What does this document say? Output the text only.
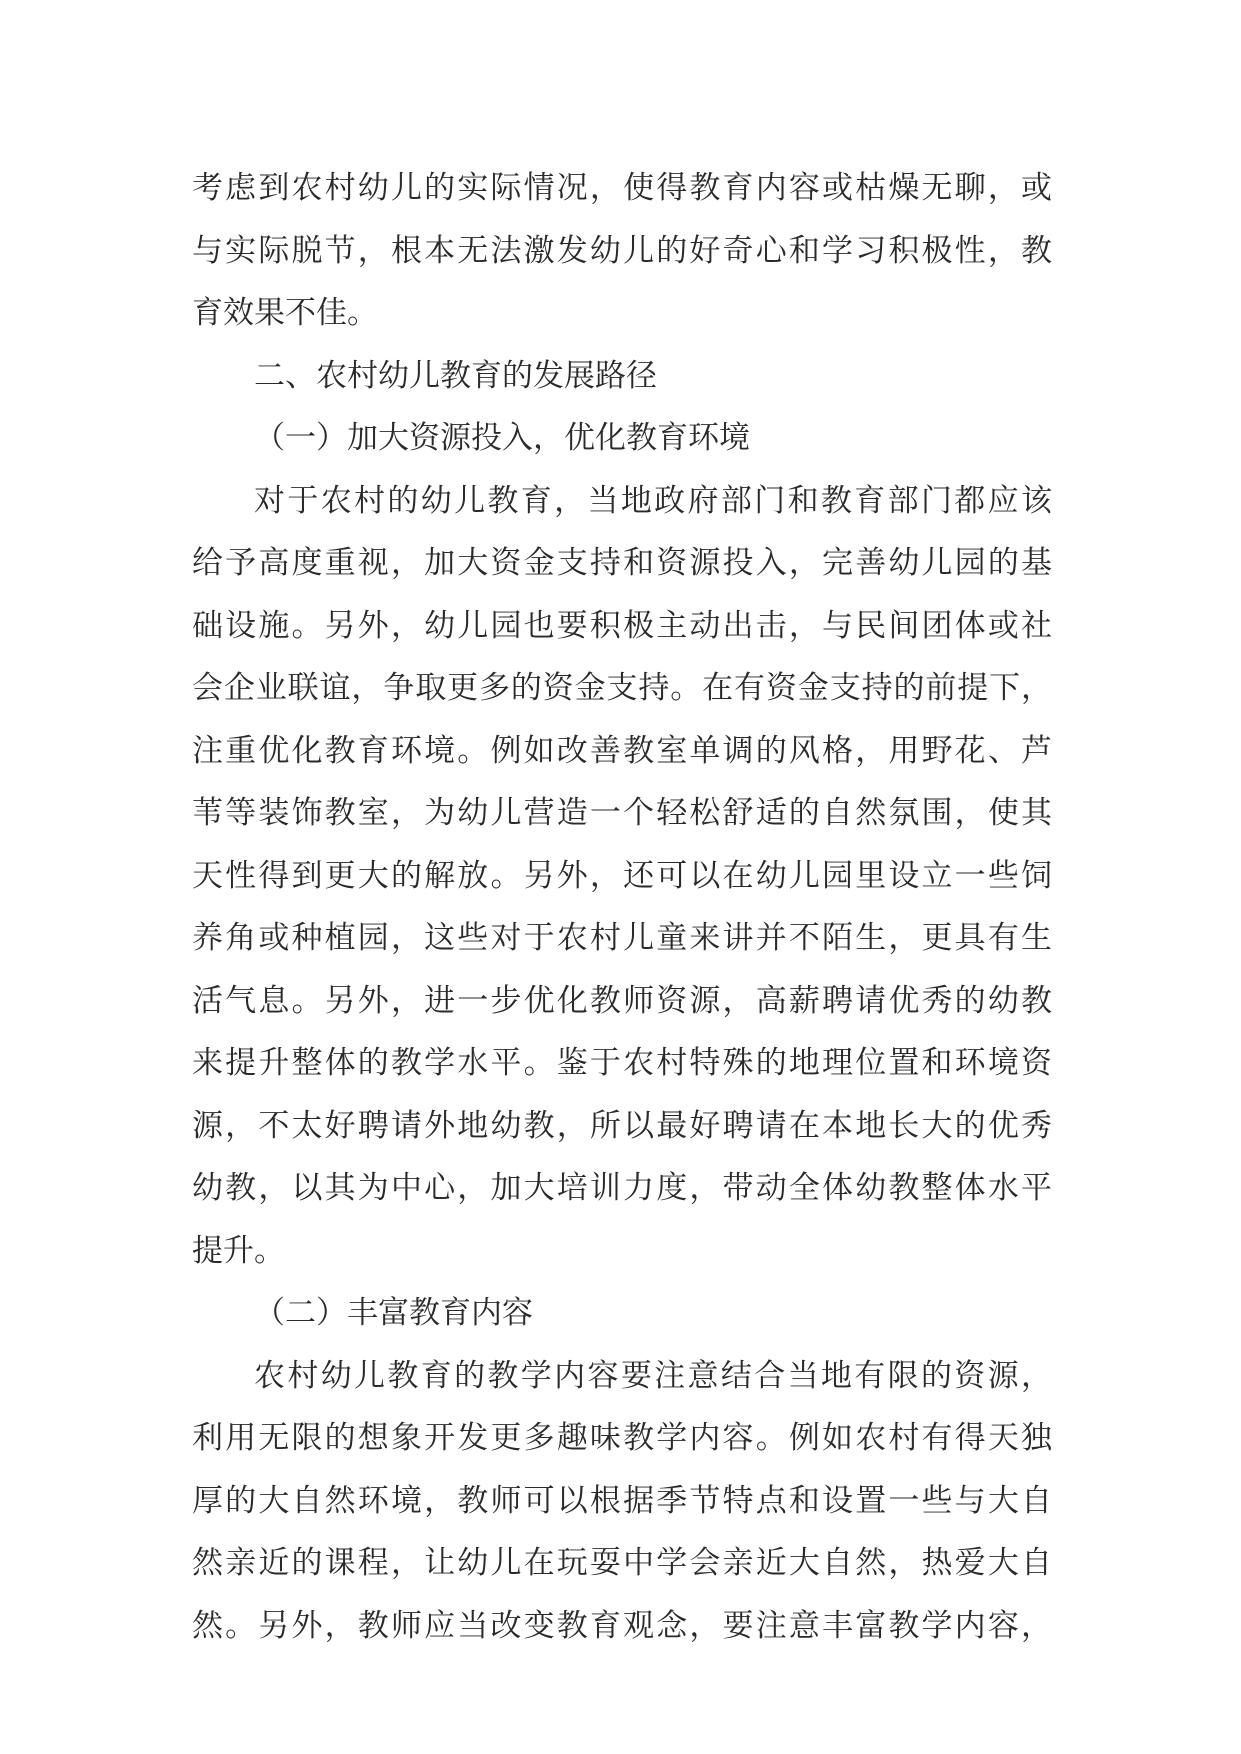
考虑到农村幼儿的实际情况，使得教育内容或枯燥无聊，或
与实际脱节，根本无法激发幼儿的好奇心和学习积极性，教
育效果不佳。
二、农村幼儿教育的发展路径
（一）加大资源投入，优化教育环境
对于农村的幼儿教育，当地政府部门和教育部门都应该
给予高度重视，加大资金支持和资源投入，完善幼儿园的基
础设施。另外，幼儿园也要积极主动出击，与民间团体或社
会企业联谊，争取更多的资金支持。在有资金支持的前提下，
注重优化教育环境。例如改善教室单调的风格，用野花、芦
苇等装饰教室，为幼儿营造一个轻松舒适的自然氛围，使其
天性得到更大的解放。另外，还可以在幼儿园里设立一些饲
养角或种植园，这些对于农村儿童来讲并不陌生，更具有生
活气息。另外，进一步优化教师资源，高薪聘请优秀的幼教
来提升整体的教学水平。鉴于农村特殊的地理位置和环境资
源，不太好聘请外地幼教，所以最好聘请在本地长大的优秀
幼教，以其为中心，加大培训力度，带动全体幼教整体水平
提升。
（二）丰富教育内容
农村幼儿教育的教学内容要注意结合当地有限的资源，
利用无限的想象开发更多趣味教学内容。例如农村有得天独
厚的大自然环境，教师可以根据季节特点和设置一些与大自
然亲近的课程，让幼儿在玩耍中学会亲近大自然，热爱大自
然。另外，教师应当改变教育观念，要注意丰富教学内容，
